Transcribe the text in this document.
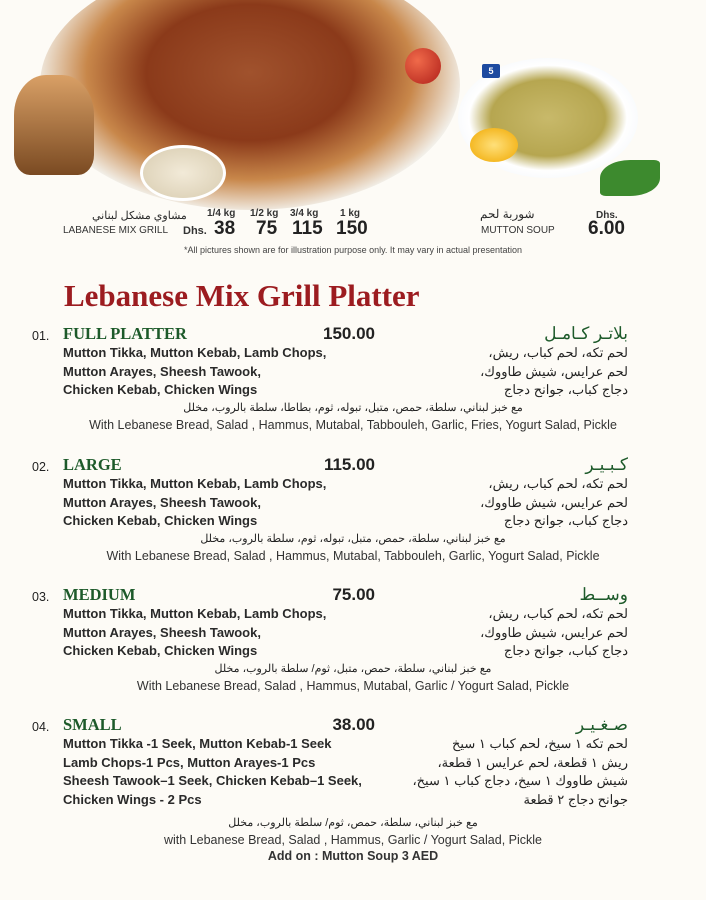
5
مشاوي مشكل لبناني
LABANESE MIX GRILL Dhs.
1/4 kg
38
1/2 kg
75
3/4 kg
115
1 kg
150
شوربة لحم
MUTTON SOUP
Dhs.
6.00
*All pictures shown are for illustration purpose only. It may vary in actual presentation
Lebanese Mix Grill Platter
01. FULL PLATTER	150.00	بلاتـر كـامـل
Mutton Tikka, Mutton Kebab, Lamb Chops,
Mutton Arayes, Sheesh Tawook,
Chicken Kebab, Chicken Wings
لحم تكه، لحم كباب، ريش،
لحم عرايس، شيش طاووك،
دجاج كباب، جوانح دجاج
مع خبز لبناني، سلطة، حمص، متبل، تبوله، ثوم، بطاطا، سلطة بالروب، مخلل
With Lebanese Bread, Salad , Hammus, Mutabal, Tabbouleh, Garlic, Fries, Yogurt Salad, Pickle
02. LARGE	115.00	كـبـيـر
Mutton Tikka, Mutton Kebab, Lamb Chops,
Mutton Arayes, Sheesh Tawook,
Chicken Kebab, Chicken Wings
لحم تكه، لحم كباب، ريش،
لحم عرايس، شيش طاووك،
دجاج كباب، جوانح دجاج
مع خبز لبناني، سلطة، حمص، متبل، تبوله، ثوم، سلطة بالروب، مخلل
With Lebanese Bread, Salad , Hammus, Mutabal, Tabbouleh, Garlic, Yogurt Salad, Pickle
03. MEDIUM	75.00	وســط
Mutton Tikka, Mutton Kebab, Lamb Chops,
Mutton Arayes, Sheesh Tawook,
Chicken Kebab, Chicken Wings
لحم تكه، لحم كباب، ريش،
لحم عرايس، شيش طاووك،
دجاج كباب، جوانح دجاج
مع خبز لبناني، سلطة، حمص، متبل، ثوم/ سلطة بالروب، مخلل
With Lebanese Bread, Salad , Hammus, Mutabal, Garlic / Yogurt Salad, Pickle
04. SMALL	38.00	صـغـيـر
Mutton Tikka -1 Seek, Mutton Kebab-1 Seek
Lamb Chops-1 Pcs, Mutton Arayes-1 Pcs
Sheesh Tawook–1 Seek, Chicken Kebab–1 Seek,
Chicken Wings - 2 Pcs
لحم تكه ١ سيخ، لحم كباب ١ سيخ
ريش ١ قطعة، لحم عرايس ١ قطعة،
شيش طاووك ١ سيخ، دجاج كباب ١ سيخ،
جوانح دجاج ٢ قطعة
مع خبز لبناني، سلطة، حمص، ثوم/ سلطة بالروب، مخلل
with Lebanese Bread, Salad , Hammus, Garlic / Yogurt Salad, Pickle
Add on : Mutton Soup 3 AED
